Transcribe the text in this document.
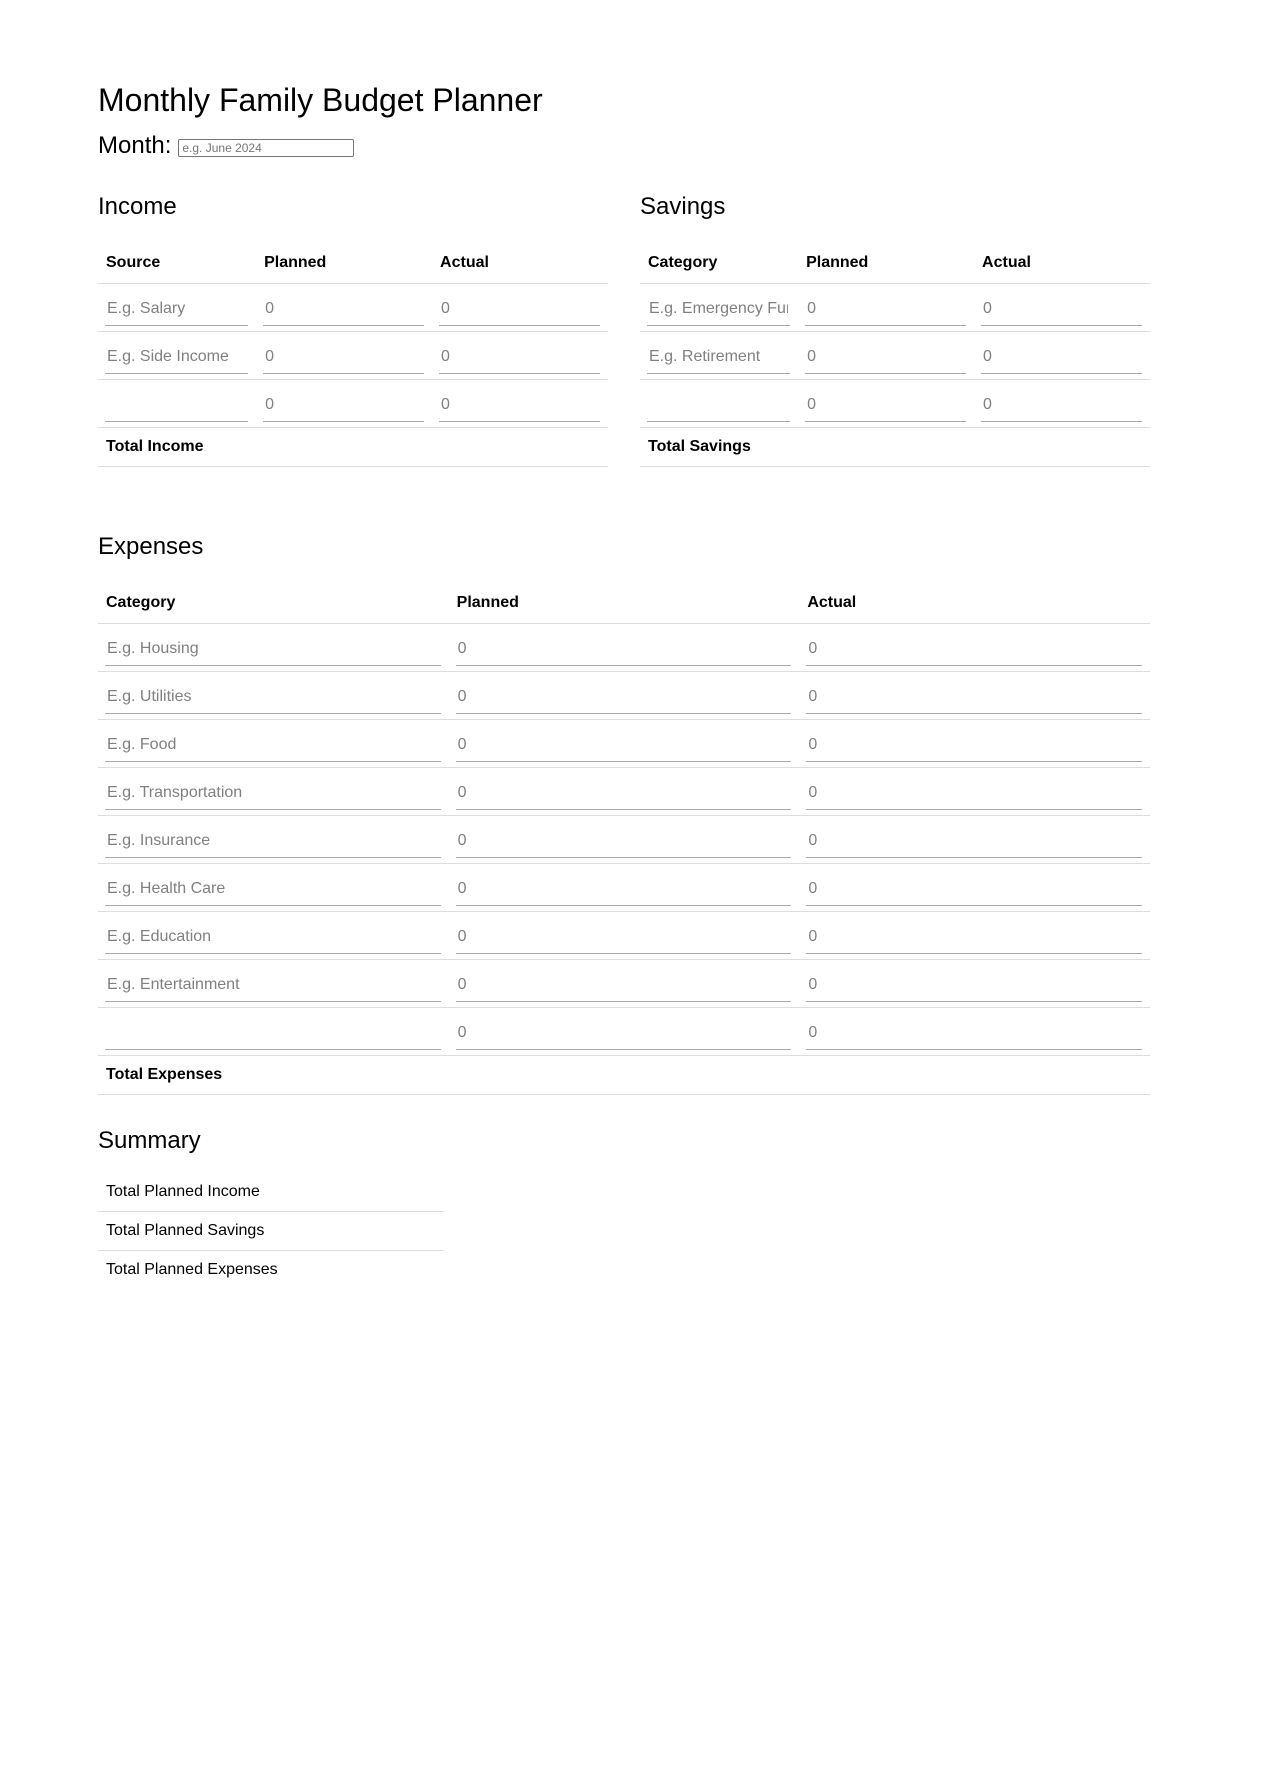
Monthly Family Budget Planner
Month:
e.g. June 2024
Income
Source	Planned	Actual
E.g. Salary	0	0
E.g. Side Income	0	0
	0	0
Total Income		
Savings
Category	Planned	Actual
E.g. Emergency Fund	0	0
E.g. Retirement	0	0
	0	0
Total Savings		
Expenses
Category	Planned	Actual
E.g. Housing	0	0
E.g. Utilities	0	0
E.g. Food	0	0
E.g. Transportation	0	0
E.g. Insurance	0	0
E.g. Health Care	0	0
E.g. Education	0	0
E.g. Entertainment	0	0
	0	0
Total Expenses		
Summary
Total Planned Income
Total Planned Savings
Total Planned Expenses
